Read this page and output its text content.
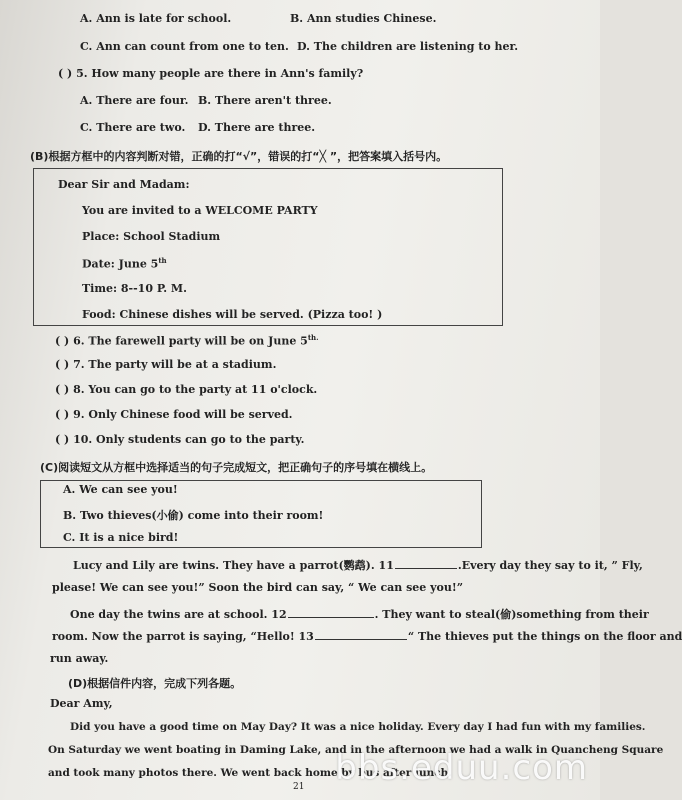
A. Ann is late for school.	B. Ann studies Chinese.
C. Ann can count from one to ten. D. The children are listening to her.
( ) 5. How many people are there in Ann's family?
A. There are four. B. There aren't three.
C. There are two. D. There are three.
(B)根据方框中的内容判断对错，正确的打“√”，错误的打“╳ ”，把答案填入括号内。
Dear Sir and Madam:
You are invited to a WELCOME PARTY
Place: School Stadium
Date: June 5th
Time: 8--10 P. M.
Food: Chinese dishes will be served. (Pizza too! )
( ) 6. The farewell party will be on June $5^{th.}$
( ) 7. The party will be at a stadium.
( ) 8. You can go to the party at 11 o'clock.
( ) 9. Only Chinese food will be served.
( ) 10. Only students can go to the party.
(C)阅读短文从方框中选择适当的句子完成短文，把正确句子的序号填在横线上。
A. We can see you!
B. Two thieves(小偷) come into their room!
C. It is a nice bird!
Lucy and Lily are twins. They have a parrot(鹦鹉). 11	.Every day they say to it, ” Fly,
please! We can see you!” Soon the bird can say, “ We can see you!”
One day the twins are at school. 12	. They want to steal(偷)something from their
room. Now the parrot is saying, “Hello! 13	“ The thieves put the things on the floor and
run away.
(D)根据信件内容，完成下列各题。
Dear Amy,
Did you have a good time on May Day? It was a nice holiday. Every day I had fun with my families.
On Saturday we went boating in Daming Lake, and in the afternoon we had a walk in Quancheng Square
and took many photos there. We went back home by bus after lunch.
21 bbs.eduu.com
